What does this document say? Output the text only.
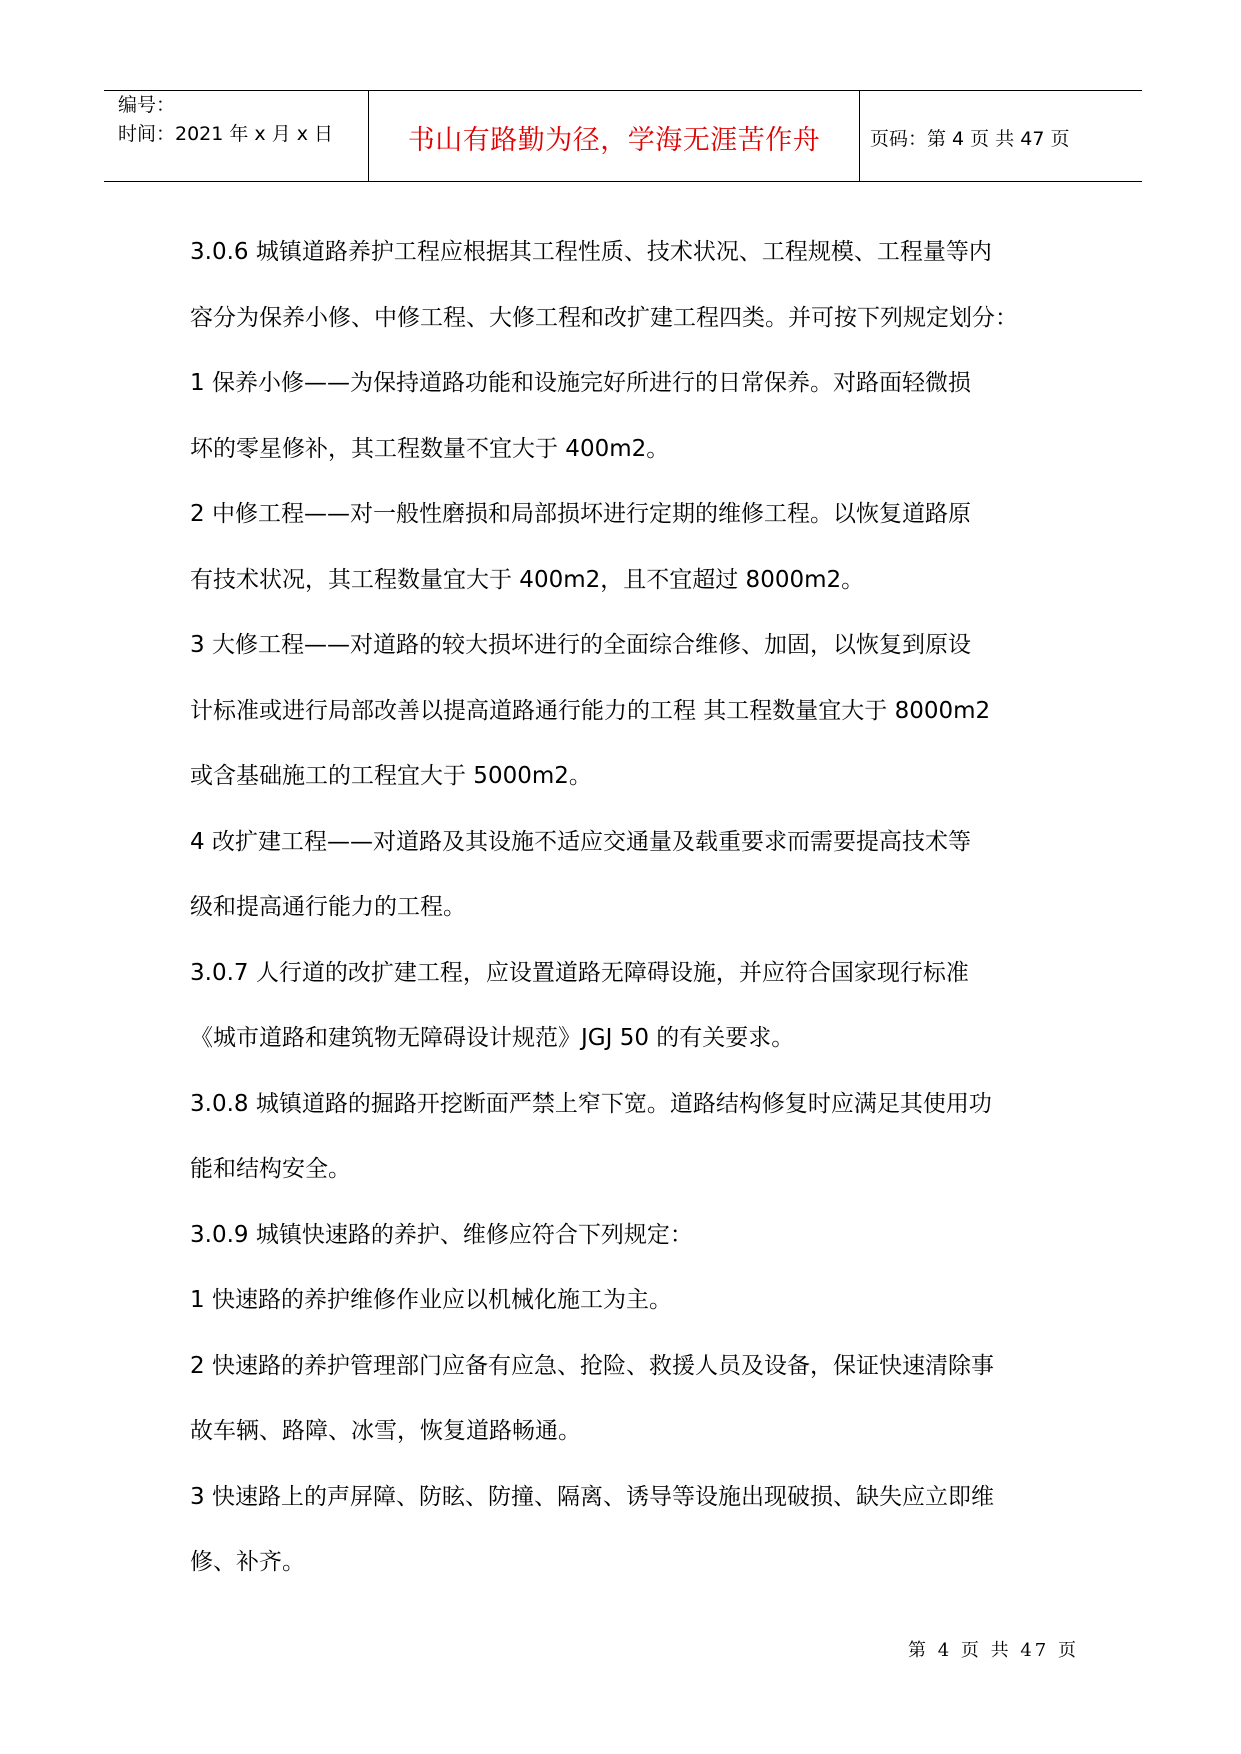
编号：
时间：2021 年 x 月 x 日	书山有路勤为径，学海无涯苦作舟	页码：第 4 页 共 47 页

3.0.6 城镇道路养护工程应根据其工程性质、技术状况、工程规模、工程量等内

容分为保养小修、中修工程、大修工程和改扩建工程四类。并可按下列规定划分：

1 保养小修——为保持道路功能和设施完好所进行的日常保养。对路面轻微损

坏的零星修补，其工程数量不宜大于 400m2。

2 中修工程——对一般性磨损和局部损坏进行定期的维修工程。以恢复道路原

有技术状况，其工程数量宜大于 400m2，且不宜超过 8000m2。

3 大修工程——对道路的较大损坏进行的全面综合维修、加固，以恢复到原设

计标准或进行局部改善以提高道路通行能力的工程 其工程数量宜大于 8000m2

或含基础施工的工程宜大于 5000m2。

4 改扩建工程——对道路及其设施不适应交通量及载重要求而需要提高技术等

级和提高通行能力的工程。

3.0.7 人行道的改扩建工程，应设置道路无障碍设施，并应符合国家现行标准

《城市道路和建筑物无障碍设计规范》JGJ 50 的有关要求。

3.0.8 城镇道路的掘路开挖断面严禁上窄下宽。道路结构修复时应满足其使用功

能和结构安全。

3.0.9 城镇快速路的养护、维修应符合下列规定：

1 快速路的养护维修作业应以机械化施工为主。

2 快速路的养护管理部门应备有应急、抢险、救援人员及设备，保证快速清除事

故车辆、路障、冰雪，恢复道路畅通。

3 快速路上的声屏障、防眩、防撞、隔离、诱导等设施出现破损、缺失应立即维

修、补齐。

第 4 页 共 47 页
